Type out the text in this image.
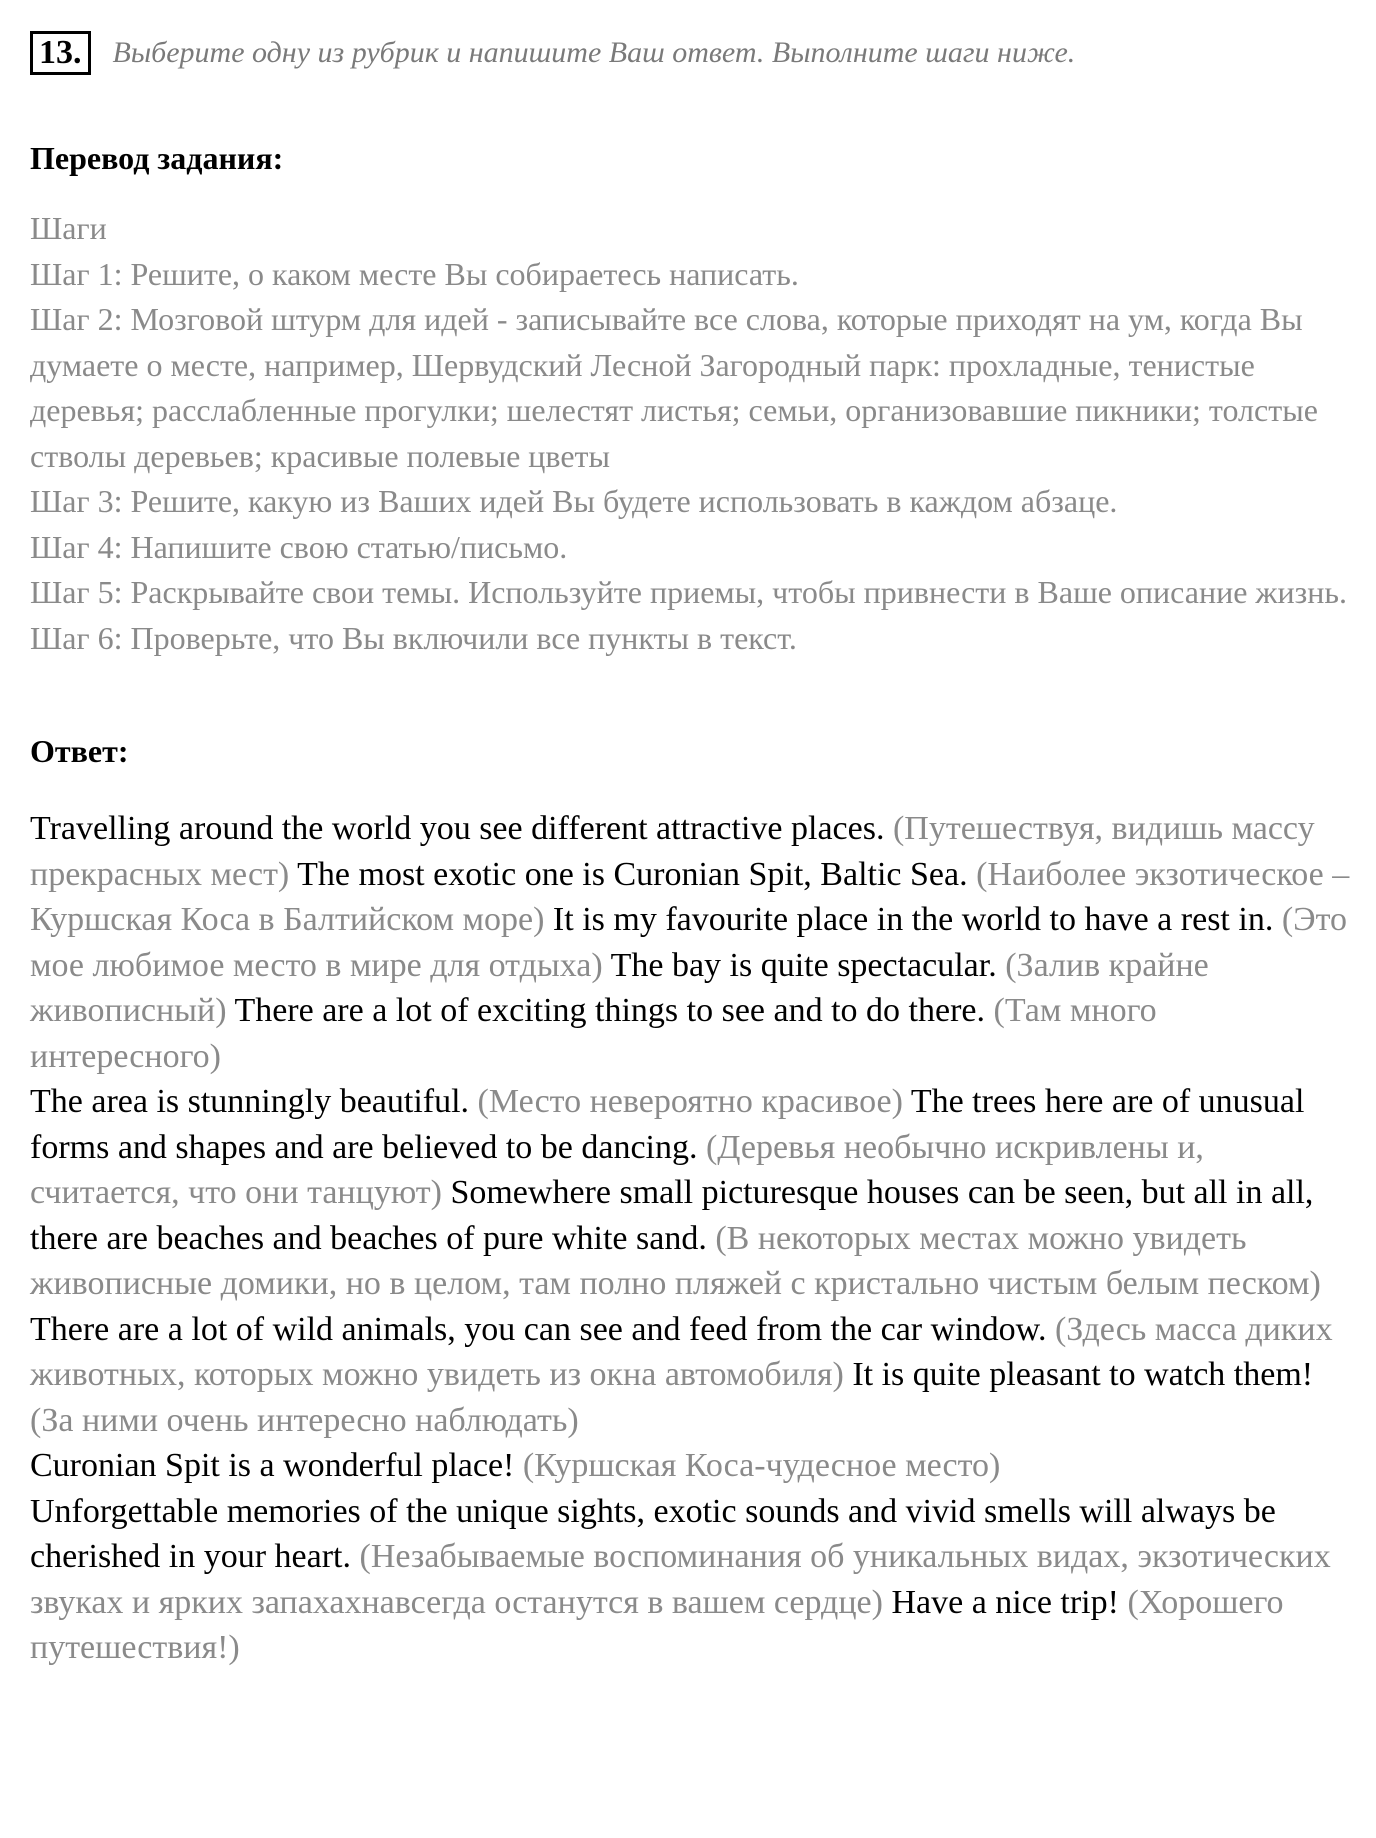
13.	Выберите одну из рубрик и напишите Ваш ответ. Выполните шаги ниже.
Перевод задания:
Шаги
Шаг 1: Решите, о каком месте Вы собираетесь написать.
Шаг 2: Мозговой штурм для идей - записывайте все слова, которые приходят на ум, когда Вы думаете о месте, например, Шервудский Лесной Загородный парк: прохладные, тенистые деревья; расслабленные прогулки; шелестят листья; семьи, организовавшие пикники; толстые стволы деревьев; красивые полевые цветы
Шаг 3: Решите, какую из Ваших идей Вы будете использовать в каждом абзаце.
Шаг 4: Напишите свою статью/письмо.
Шаг 5: Раскрывайте свои темы. Используйте приемы, чтобы привнести в Ваше описание жизнь.
Шаг 6: Проверьте, что Вы включили все пункты в текст.
Ответ:

Travelling around the world you see different attractive places. (Путешествуя, видишь массу прекрасных мест) The most exotic one is Curonian Spit, Baltic Sea. (Наиболее экзотическое – Куршская Коса в Балтийском море) It is my favourite place in the world to have a rest in. (Это мое любимое место в мире для отдыха) The bay is quite spectacular. (Залив крайне живописный) There are a lot of exciting things to see and to do there. (Там много интересного)

The area is stunningly beautiful. (Место невероятно красивое) The trees here are of unusual forms and shapes and are believed to be dancing. (Деревья необычно искривлены и, считается, что они танцуют) Somewhere small picturesque houses can be seen, but all in all, there are beaches and beaches of pure white sand. (В некоторых местах можно увидеть живописные домики, но в целом, там полно пляжей с кристально чистым белым песком)

There are a lot of wild animals, you can see and feed from the car window. (Здесь масса диких животных, которых можно увидеть из окна автомобиля) It is quite pleasant to watch them! (За ними очень интересно наблюдать)

Curonian Spit is a wonderful place! (Куршская Коса-чудесное место)

Unforgettable memories of the unique sights, exotic sounds and vivid smells will always be cherished in your heart. (Незабываемые воспоминания об уникальных видах, экзотических звуках и ярких запахахнавсегда останутся в вашем сердце) Have a nice trip! (Хорошего путешествия!)
